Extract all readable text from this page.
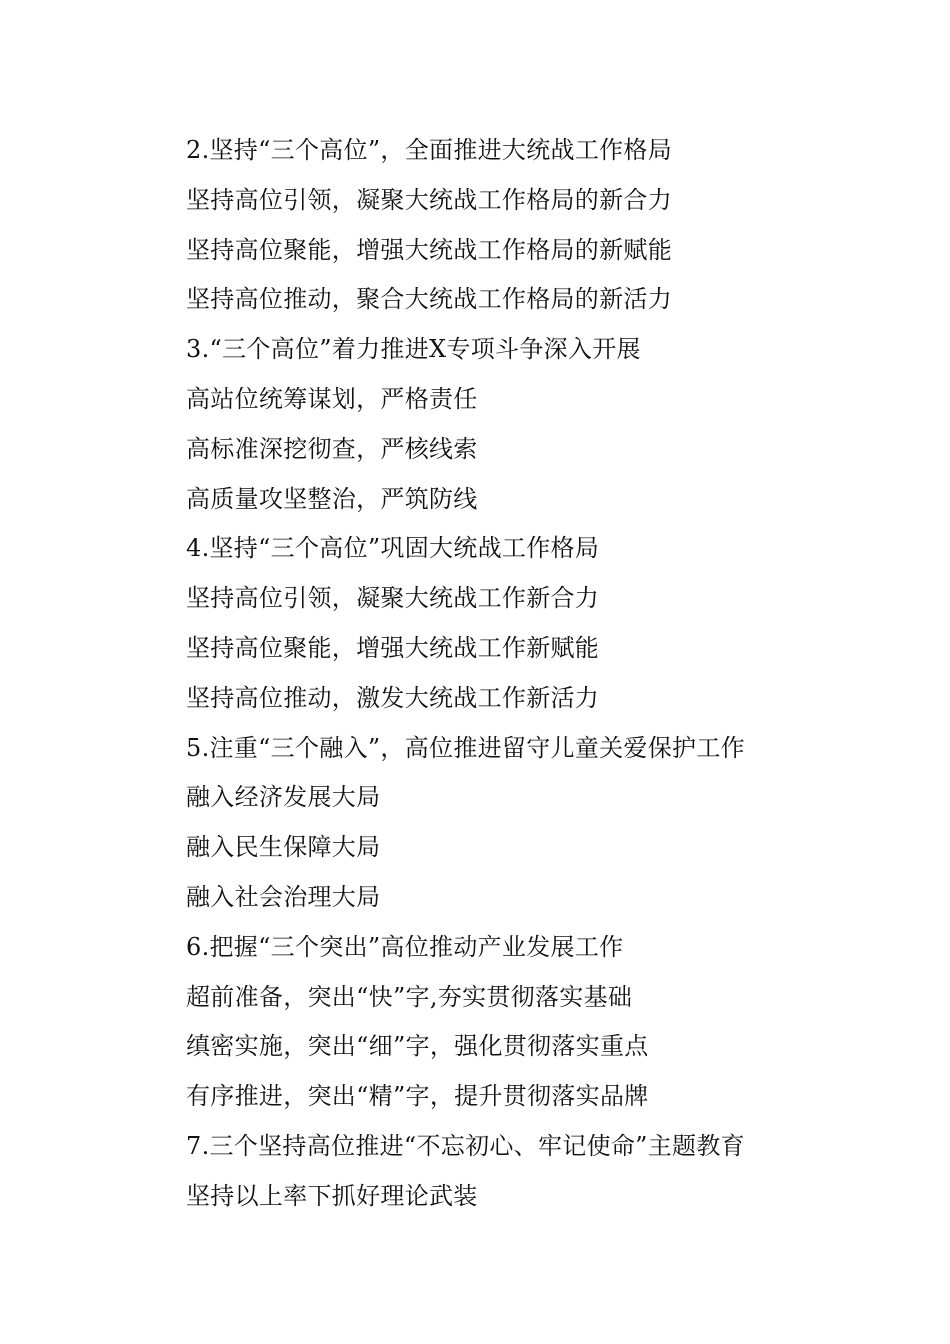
2.坚持“三个高位”，全面推进大统战工作格局
坚持高位引领，凝聚大统战工作格局的新合力
坚持高位聚能，增强大统战工作格局的新赋能
坚持高位推动，聚合大统战工作格局的新活力
3.“三个高位”着力推进X专项斗争深入开展
高站位统筹谋划，严格责任
高标准深挖彻查，严核线索
高质量攻坚整治，严筑防线
4.坚持“三个高位”巩固大统战工作格局
坚持高位引领，凝聚大统战工作新合力
坚持高位聚能，增强大统战工作新赋能
坚持高位推动，激发大统战工作新活力
5.注重“三个融入”，高位推进留守儿童关爱保护工作
融入经济发展大局
融入民生保障大局
融入社会治理大局
6.把握“三个突出”高位推动产业发展工作
超前准备，突出“快”字,夯实贯彻落实基础
缜密实施，突出“细”字，强化贯彻落实重点
有序推进，突出“精”字，提升贯彻落实品牌
7.三个坚持高位推进“不忘初心、牢记使命”主题教育
坚持以上率下抓好理论武装
